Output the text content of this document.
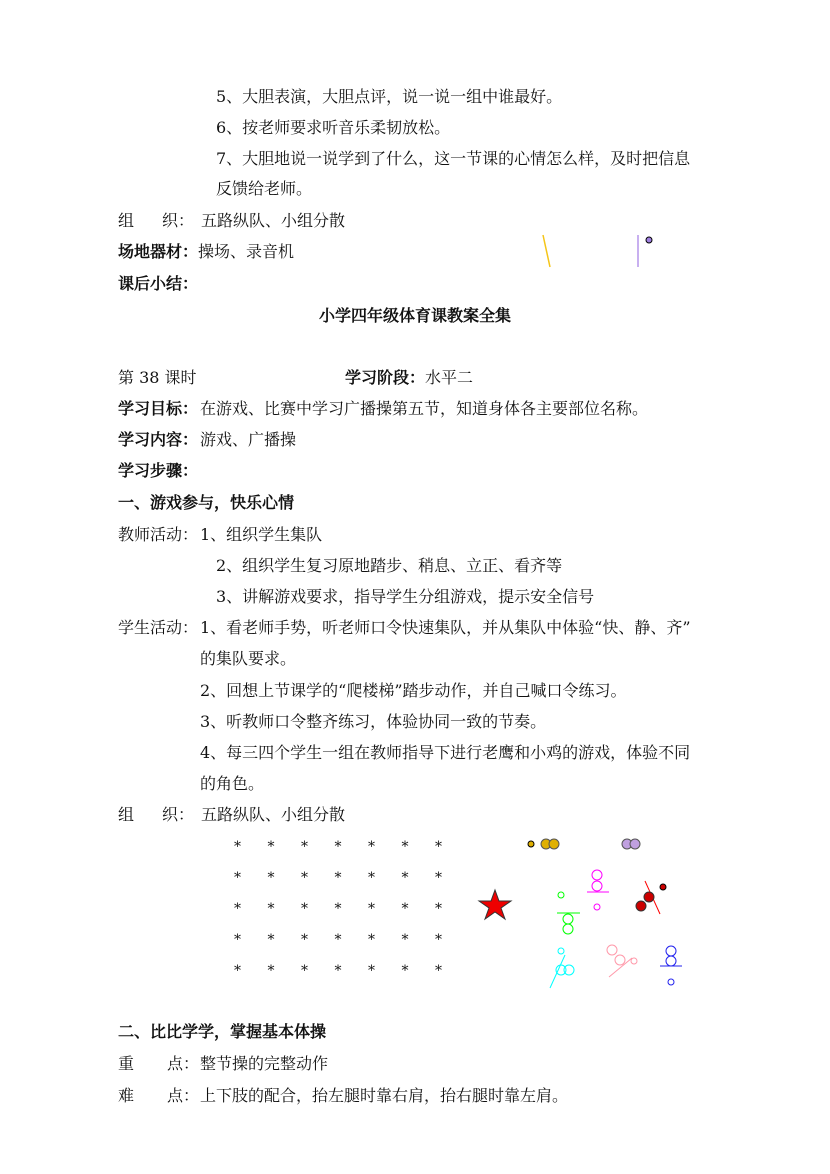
5、大胆表演，大胆点评，说一说一组中谁最好。
6、按老师要求听音乐柔韧放松。
7、大胆地说一说学到了什么，这一节课的心情怎么样，及时把信息
反馈给老师。
组 织： 五路纵队、小组分散
场地器材： 操场、录音机
课后小结：
小学四年级体育课教案全集
第 38 课时	学习阶段： 水平二
学习目标： 在游戏、比赛中学习广播操第五节，知道身体各主要部位名称。
学习内容： 游戏、广播操
学习步骤：
一、游戏参与，快乐心情
教师活动： 1、组织学生集队
2、组织学生复习原地踏步、稍息、立正、看齐等
3、讲解游戏要求，指导学生分组游戏，提示安全信号
学生活动： 1、看老师手势，听老师口令快速集队，并从集队中体验“快、静、齐”
的集队要求。
2、回想上节课学的“爬楼梯”踏步动作，并自己喊口令练习。
3、听教师口令整齐练习，体验协同一致的节奏。
4、每三四个学生一组在教师指导下进行老鹰和小鸡的游戏，体验不同
的角色。
组 织： 五路纵队、小组分散
* * * * * * *
* * * * * * *
* * * * * * *
* * * * * * *
* * * * * * *
二、比比学学，掌握基本体操
重 点： 整节操的完整动作
难 点： 上下肢的配合，抬左腿时靠右肩，抬右腿时靠左肩。
